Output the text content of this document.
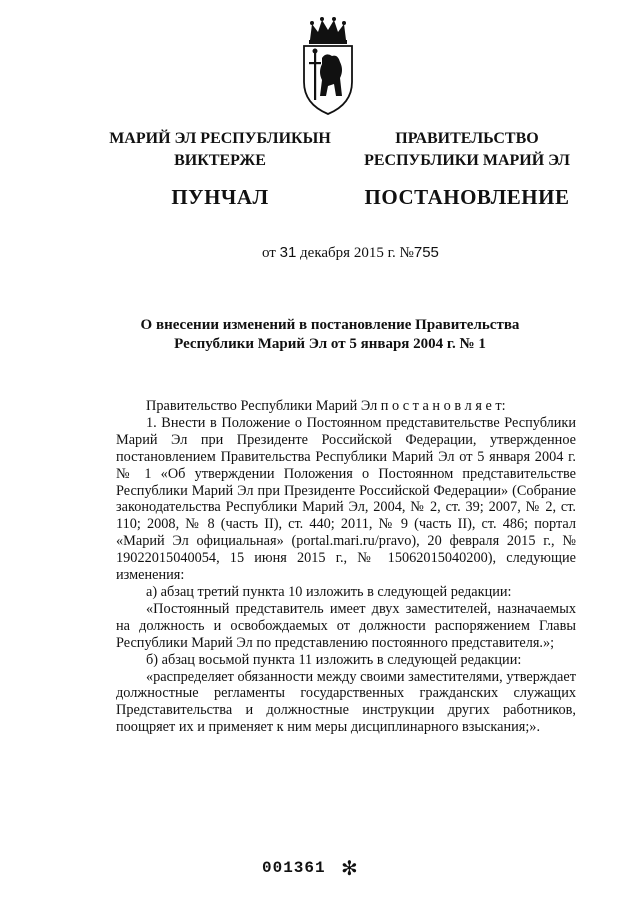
МАРИЙ ЭЛ РЕСПУБЛИКЫН
ВИКТЕРЖЕ
ПУНЧАЛ
ПРАВИТЕЛЬСТВО
РЕСПУБЛИКИ МАРИЙ ЭЛ
ПОСТАНОВЛЕНИЕ
от 31 декабря 2015 г. №755
О внесении изменений в постановление Правительства
Республики Марий Эл от 5 января 2004 г. № 1

Правительство Республики Марий Эл п о с т а н о в л я е т:

1. Внести в Положение о Постоянном представительстве Республики Марий Эл при Президенте Российской Федерации, утвержденное постановлением Правительства Республики Марий Эл от 5 января 2004 г. № 1 «Об утверждении Положения о Постоянном представительстве Республики Марий Эл при Президенте Российской Федерации» (Собрание законодательства Республики Марий Эл, 2004, № 2, ст. 39; 2007, № 2, ст. 110; 2008, № 8 (часть II), ст. 440; 2011, № 9 (часть II), ст. 486; портал «Марий Эл официальная» (portal.mari.ru/pravo), 20 февраля 2015 г., № 19022015040054, 15 июня 2015 г., № 15062015040200), следующие изменения:

а) абзац третий пункта 10 изложить в следующей редакции:

«Постоянный представитель имеет двух заместителей, назначаемых на должность и освобождаемых от должности распоряжением Главы Республики Марий Эл по представлению постоянного представителя.»;

б) абзац восьмой пункта 11 изложить в следующей редакции:

«распределяет обязанности между своими заместителями, утверждает должностные регламенты государственных гражданских служащих Представительства и должностные инструкции других работников, поощряет их и применяет к ним меры дисциплинарного взыскания;».

001361 ✻
